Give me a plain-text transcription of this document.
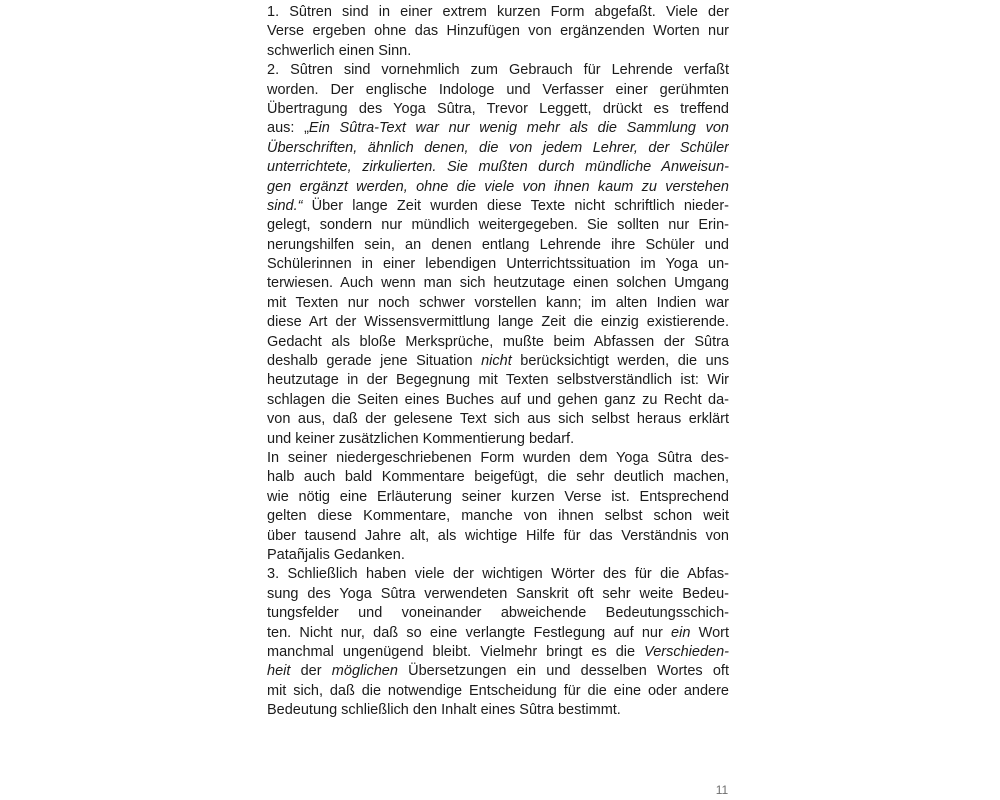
1. Sûtren sind in einer extrem kurzen Form abgefaßt. Viele der
Verse ergeben ohne das Hinzufügen von ergänzenden Worten nur
schwerlich einen Sinn.
2. Sûtren sind vornehmlich zum Gebrauch für Lehrende verfaßt
worden. Der englische Indologe und Verfasser einer gerühmten
Übertragung des Yoga Sûtra, Trevor Leggett, drückt es treffend
aus: „Ein Sûtra-Text war nur wenig mehr als die Sammlung von
Überschriften, ähnlich denen, die von jedem Lehrer, der Schüler
unterrichtete, zirkulierten. Sie mußten durch mündliche Anweisun-
gen ergänzt werden, ohne die viele von ihnen kaum zu verstehen
sind.“ Über lange Zeit wurden diese Texte nicht schriftlich nieder-
gelegt, sondern nur mündlich weitergegeben. Sie sollten nur Erin-
nerungshilfen sein, an denen entlang Lehrende ihre Schüler und
Schülerinnen in einer lebendigen Unterrichtssituation im Yoga un-
terwiesen. Auch wenn man sich heutzutage einen solchen Umgang
mit Texten nur noch schwer vorstellen kann; im alten Indien war
diese Art der Wissensvermittlung lange Zeit die einzig existierende.
Gedacht als bloße Merksprüche, mußte beim Abfassen der Sûtra
deshalb gerade jene Situation nicht berücksichtigt werden, die uns
heutzutage in der Begegnung mit Texten selbstverständlich ist: Wir
schlagen die Seiten eines Buches auf und gehen ganz zu Recht da-
von aus, daß der gelesene Text sich aus sich selbst heraus erklärt
und keiner zusätzlichen Kommentierung bedarf.
In seiner niedergeschriebenen Form wurden dem Yoga Sûtra des-
halb auch bald Kommentare beigefügt, die sehr deutlich machen,
wie nötig eine Erläuterung seiner kurzen Verse ist. Entsprechend
gelten diese Kommentare, manche von ihnen selbst schon weit
über tausend Jahre alt, als wichtige Hilfe für das Verständnis von
Patañjalis Gedanken.
3. Schließlich haben viele der wichtigen Wörter des für die Abfas-
sung des Yoga Sûtra verwendeten Sanskrit oft sehr weite Bedeu-
tungsfelder und voneinander abweichende Bedeutungsschich-
ten. Nicht nur, daß so eine verlangte Festlegung auf nur ein Wort
manchmal ungenügend bleibt. Vielmehr bringt es die Verschieden-
heit der möglichen Übersetzungen ein und desselben Wortes oft
mit sich, daß die notwendige Entscheidung für die eine oder andere
Bedeutung schließlich den Inhalt eines Sûtra bestimmt.
11
